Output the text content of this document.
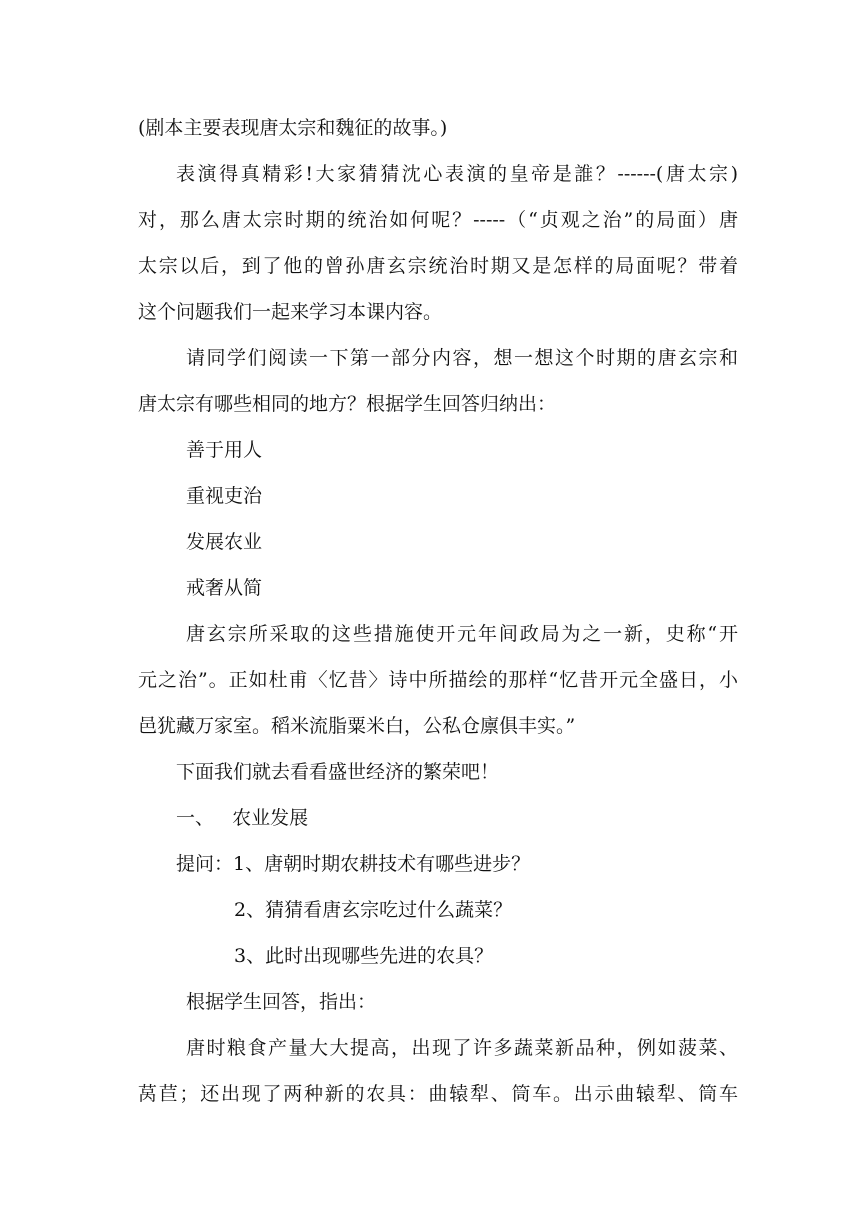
(剧本主要表现唐太宗和魏征的故事。)
表演得真精彩!大家猜猜沈心表演的皇帝是誰？------(唐太宗)
对，那么唐太宗时期的统治如何呢？-----（“贞观之治”的局面）唐
太宗以后，到了他的曾孙唐玄宗统治时期又是怎样的局面呢？带着
这个问题我们一起来学习本课内容。
请同学们阅读一下第一部分内容，想一想这个时期的唐玄宗和
唐太宗有哪些相同的地方？根据学生回答归纳出：
善于用人
重视吏治
发展农业
戒奢从简
唐玄宗所采取的这些措施使开元年间政局为之一新，史称“开
元之治”。正如杜甫〈忆昔〉诗中所描绘的那样“忆昔开元全盛日，小
邑犹藏万家室。稻米流脂粟米白，公私仓廪俱丰实。”
下面我们就去看看盛世经济的繁荣吧！
一、   农业发展
提问：1、唐朝时期农耕技术有哪些进步？
2、猜猜看唐玄宗吃过什么蔬菜？
3、此时出现哪些先进的农具？
根据学生回答，指出：
唐时粮食产量大大提高，出现了许多蔬菜新品种，例如菠菜、
莴苣；还出现了两种新的农具：曲辕犁、筒车。出示曲辕犁、筒车
